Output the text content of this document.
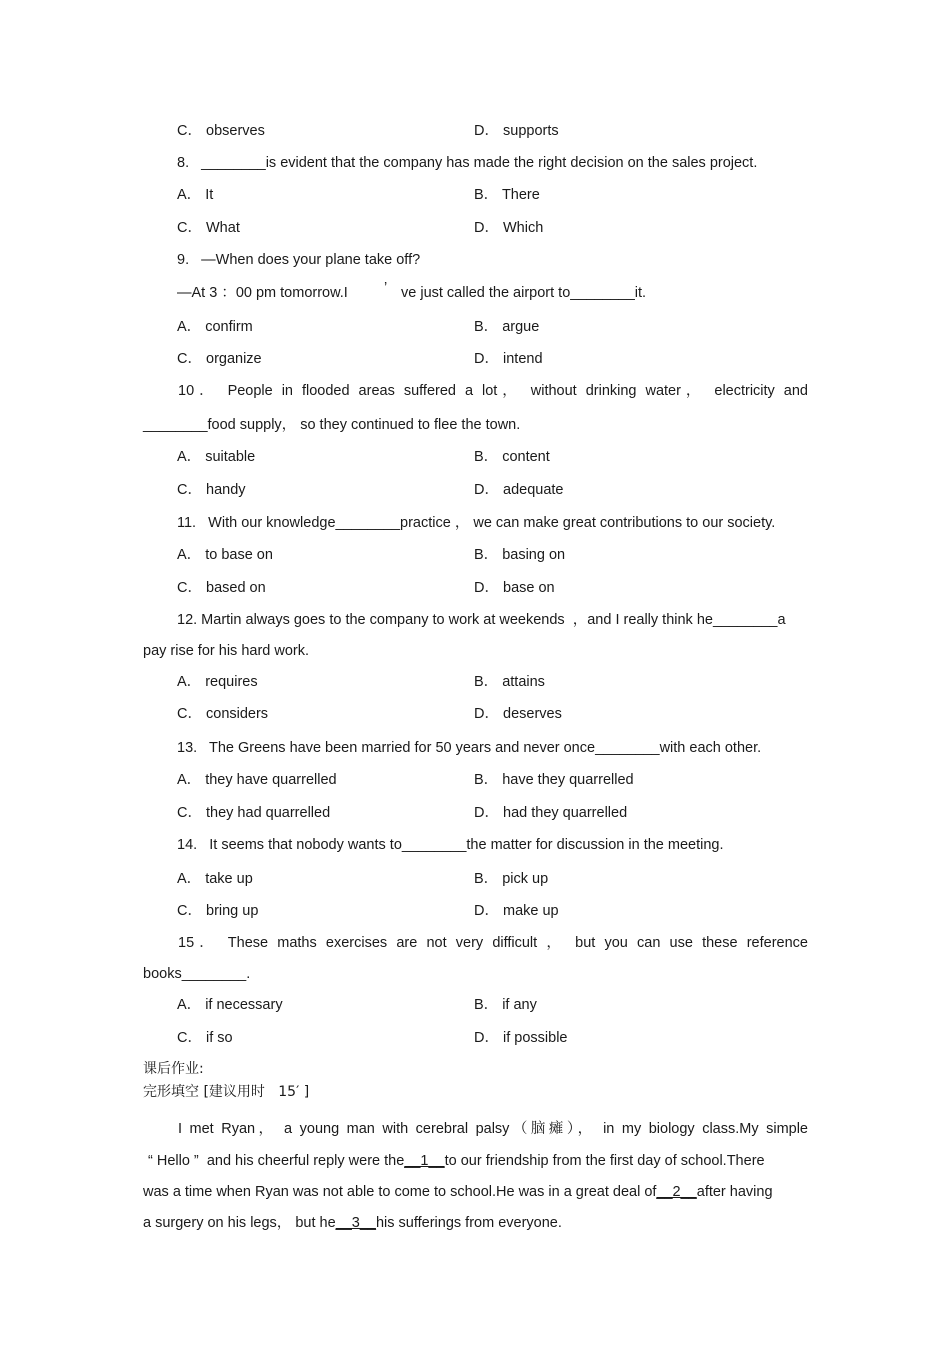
C． observes	D． supports
8.   ________is evident that the company has made the right decision on the sales project.
A． It	B． There
C． What	D． Which
9.   —When does your plane take off?
—At 3 ：00 pm tomorrow.I ’ ve just called the airport to________it.
A． confirm	B． argue
C． organize	D． intend
10． People in flooded areas suffered a lot， without drinking water， electricity and
________food supply， so they continued to flee the town.
A． suitable	B． content
C． handy	D． adequate
11.   With our knowledge________practice ， we can make great contributions to our society.
A． to base on	B． basing on
C． based on	D． base on
12. Martin always goes to the company to work at weekends  ，and I really think he________a
pay rise for his hard work.
A． requires	B． attains
C． considers	D． deserves
13.   The Greens have been married for 50 years and never once________with each other.
A． they have quarrelled	B． have they quarrelled
C． they had quarrelled	D． had they quarrelled
14.   It seems that nobody wants to________the matter for discussion in the meeting.
A． take up	B． pick up
C． bring up	D． make up
15． These maths exercises are not very difficult ， but you can use these reference
books________.
A． if necessary	B． if any
C． if so	D． if possible
课后作业:
完形填空 [建议用时   15′ ]
I met Ryan， a young man with cerebral palsy（脑瘫）， in my biology class.My simple
“ Hello ”  and his cheerful reply were the__1__to our friendship from the first day of school.There
was a time when Ryan was not able to come to school.He was in a great deal of__2__after having
a surgery on his legs， but he__3__his sufferings from everyone.
